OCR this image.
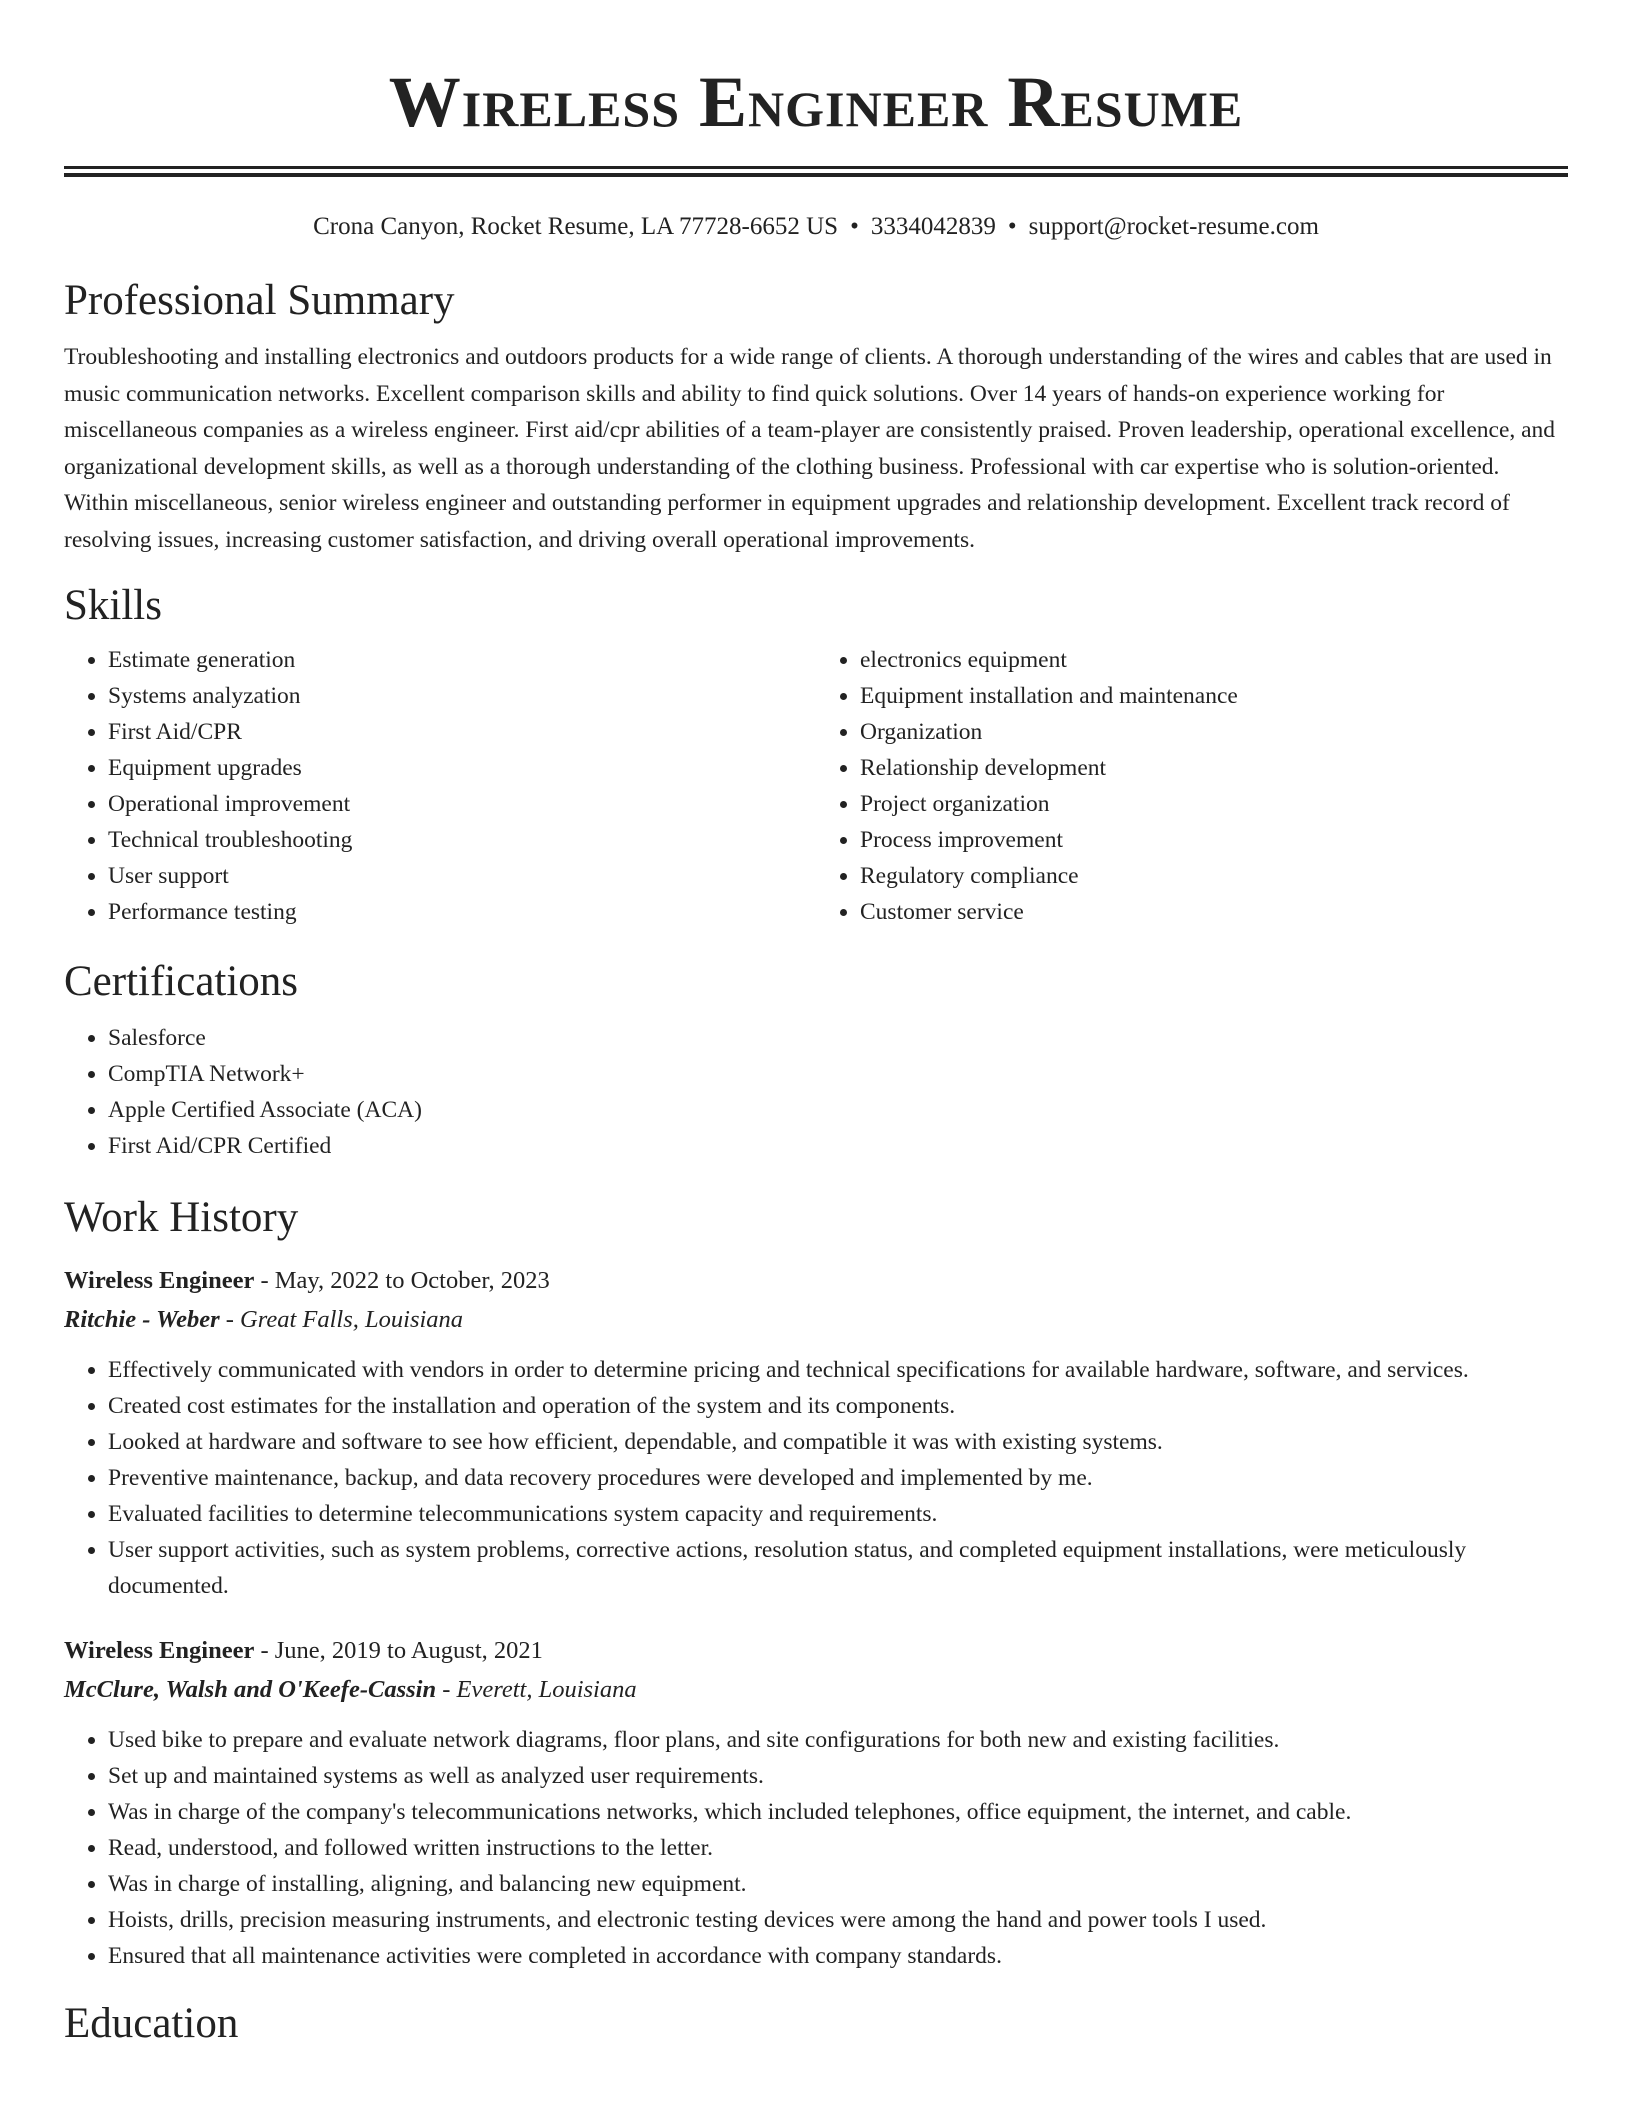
Wireless Engineer Resume
Crona Canyon, Rocket Resume, LA 77728-6652 US • 3334042839 • support@rocket-resume.com
Professional Summary

Troubleshooting and installing electronics and outdoors products for a wide range of clients. A thorough understanding of the wires and cables that are used in music communication networks. Excellent comparison skills and ability to find quick solutions. Over 14 years of hands-on experience working for miscellaneous companies as a wireless engineer. First aid/cpr abilities of a team-player are consistently praised. Proven leadership, operational excellence, and organizational development skills, as well as a thorough understanding of the clothing business. Professional with car expertise who is solution-oriented. Within miscellaneous, senior wireless engineer and outstanding performer in equipment upgrades and relationship development. Excellent track record of resolving issues, increasing customer satisfaction, and driving overall operational improvements.

Skills
• Estimate generation
• Systems analyzation
• First Aid/CPR
• Equipment upgrades
• Operational improvement
• Technical troubleshooting
• User support
• Performance testing
• electronics equipment
• Equipment installation and maintenance
• Organization
• Relationship development
• Project organization
• Process improvement
• Regulatory compliance
• Customer service
Certifications
• Salesforce
• CompTIA Network+
• Apple Certified Associate (ACA)
• First Aid/CPR Certified
Work History
Wireless Engineer - May, 2022 to October, 2023
Ritchie - Weber - Great Falls, Louisiana
• Effectively communicated with vendors in order to determine pricing and technical specifications for available hardware, software, and services.
• Created cost estimates for the installation and operation of the system and its components.
• Looked at hardware and software to see how efficient, dependable, and compatible it was with existing systems.
• Preventive maintenance, backup, and data recovery procedures were developed and implemented by me.
• Evaluated facilities to determine telecommunications system capacity and requirements.
• User support activities, such as system problems, corrective actions, resolution status, and completed equipment installations, were meticulously documented.
Wireless Engineer - June, 2019 to August, 2021
McClure, Walsh and O'Keefe-Cassin - Everett, Louisiana
• Used bike to prepare and evaluate network diagrams, floor plans, and site configurations for both new and existing facilities.
• Set up and maintained systems as well as analyzed user requirements.
• Was in charge of the company's telecommunications networks, which included telephones, office equipment, the internet, and cable.
• Read, understood, and followed written instructions to the letter.
• Was in charge of installing, aligning, and balancing new equipment.
• Hoists, drills, precision measuring instruments, and electronic testing devices were among the hand and power tools I used.
• Ensured that all maintenance activities were completed in accordance with company standards.
Education
